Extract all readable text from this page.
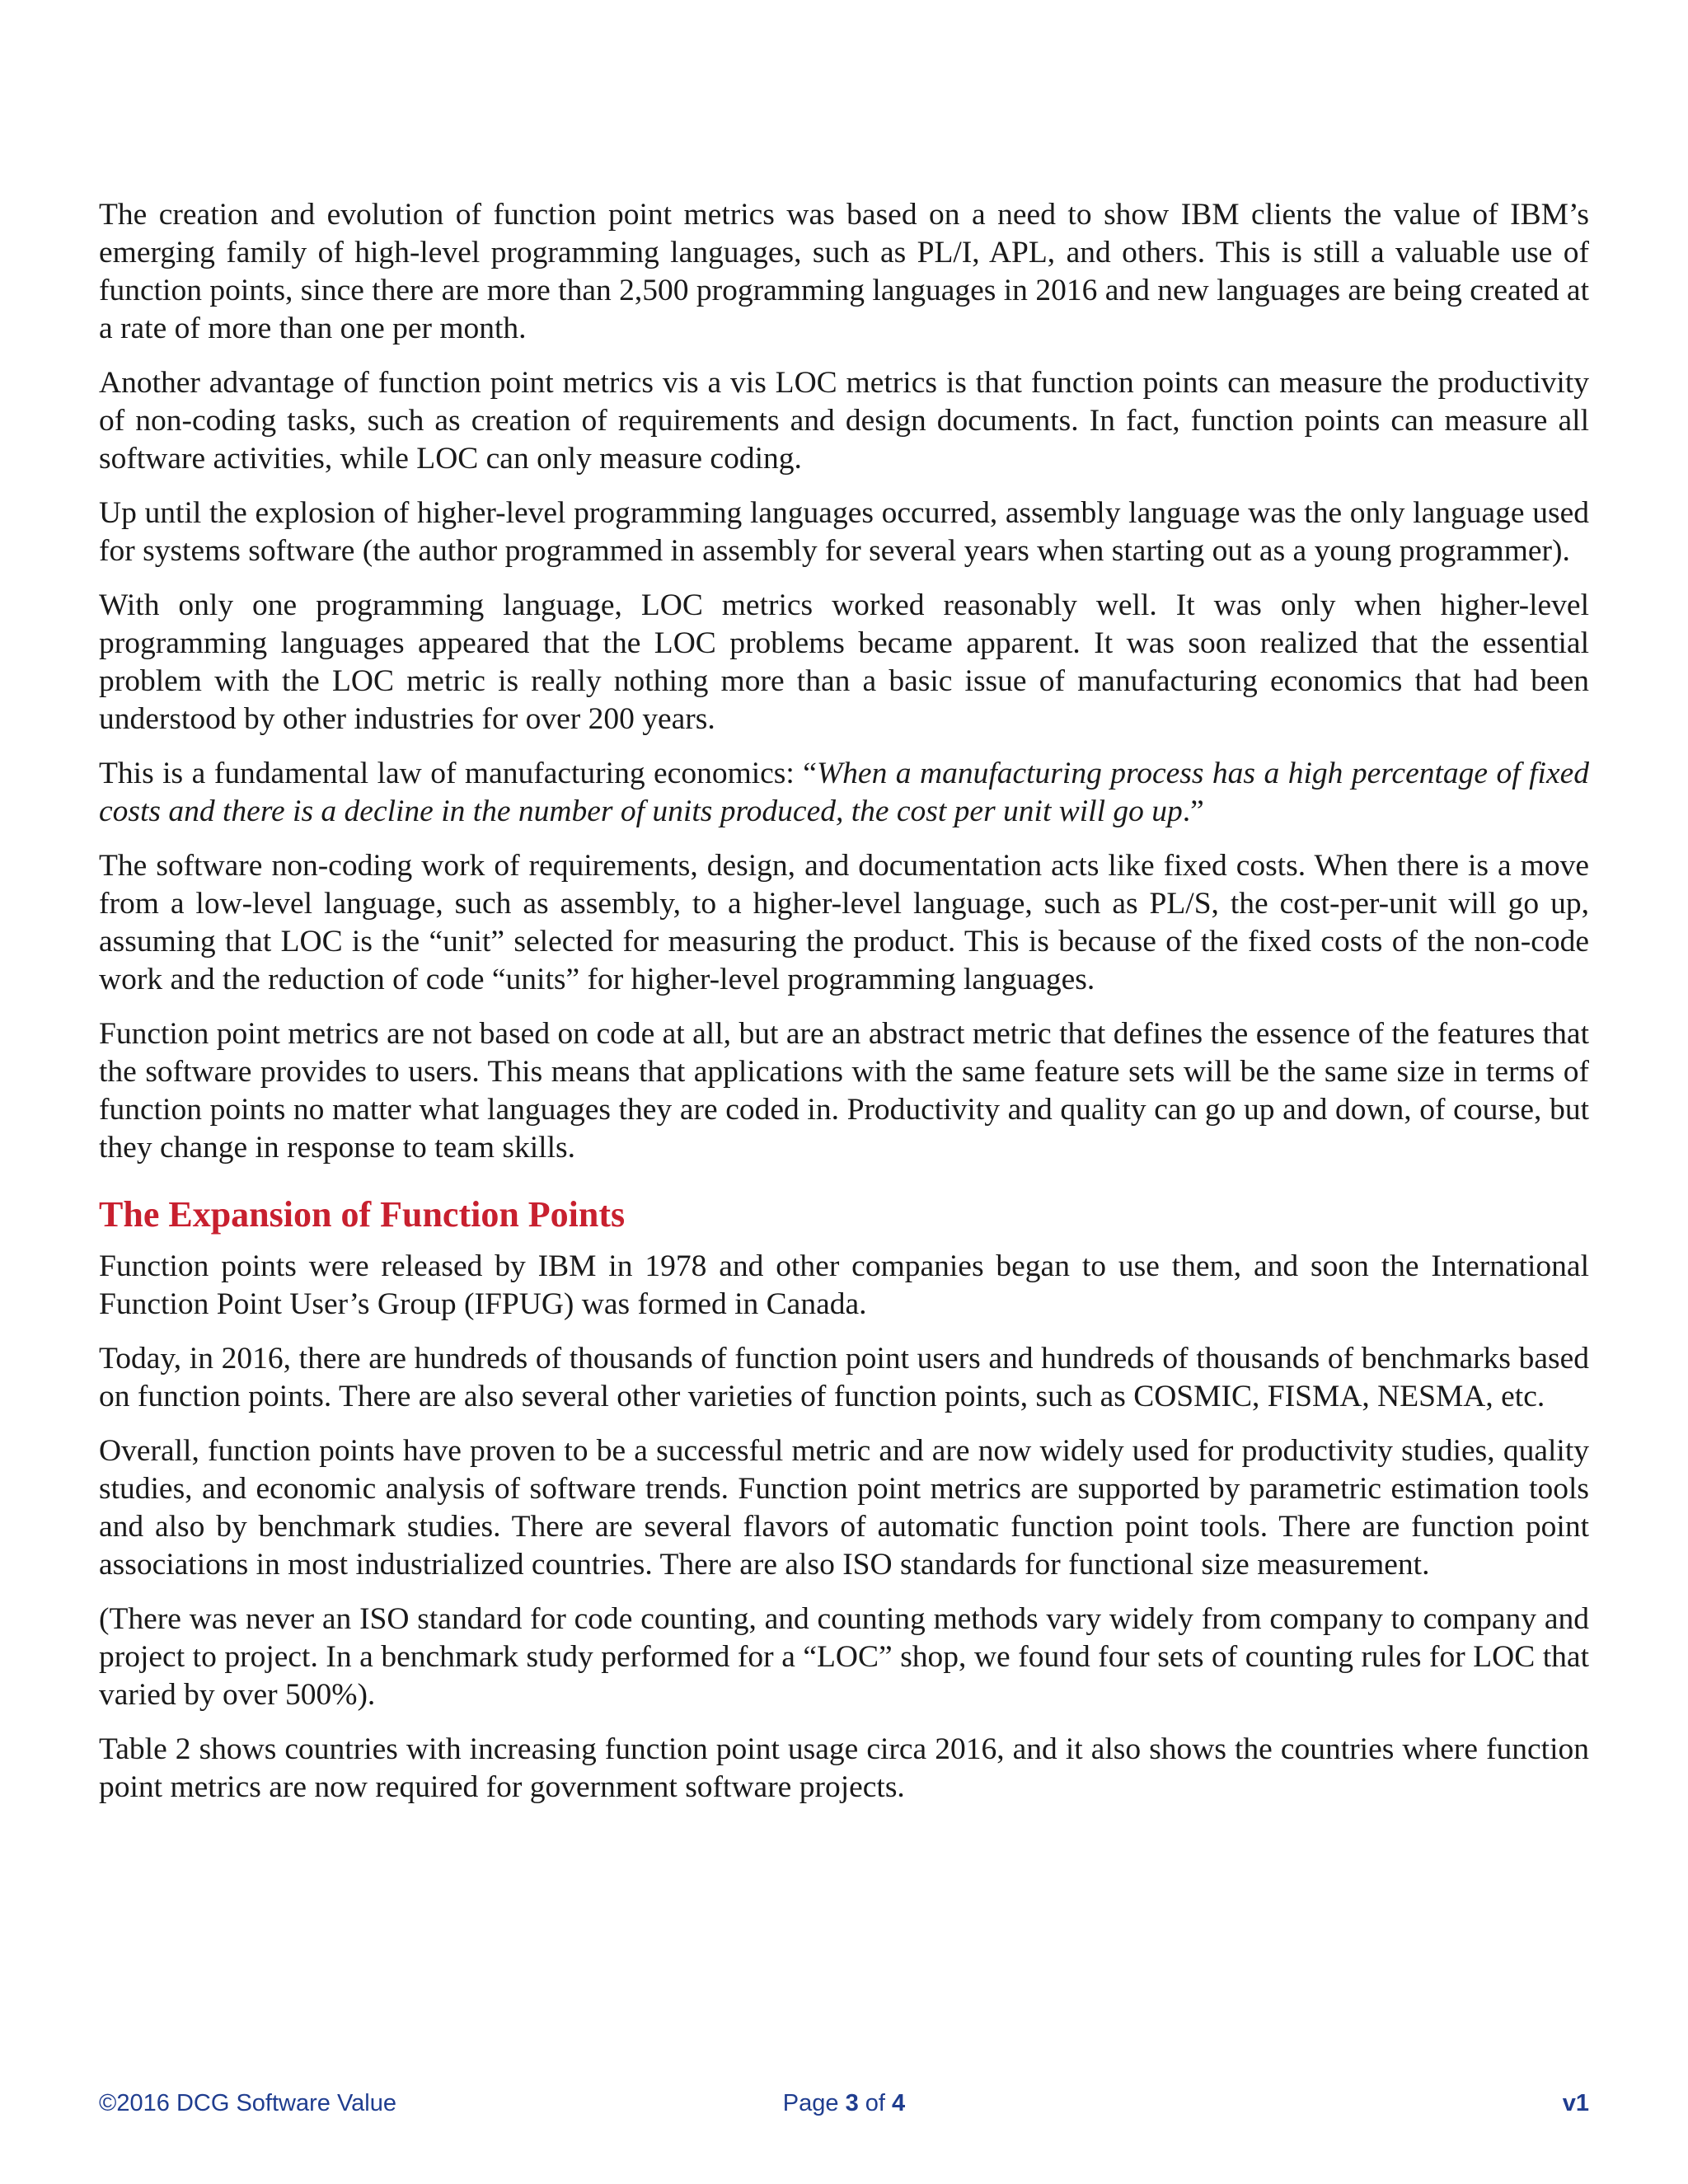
The creation and evolution of function point metrics was based on a need to show IBM clients the value of IBM’s emerging family of high-level programming languages, such as PL/I, APL, and others. This is still a valuable use of function points, since there are more than 2,500 programming languages in 2016 and new languages are being created at a rate of more than one per month.

Another advantage of function point metrics vis a vis LOC metrics is that function points can measure the productivity of non-coding tasks, such as creation of requirements and design documents. In fact, function points can measure all software activities, while LOC can only measure coding.

Up until the explosion of higher-level programming languages occurred, assembly language was the only language used for systems software (the author programmed in assembly for several years when starting out as a young programmer).

With only one programming language, LOC metrics worked reasonably well. It was only when higher-level programming languages appeared that the LOC problems became apparent. It was soon realized that the essential problem with the LOC metric is really nothing more than a basic issue of manufacturing economics that had been understood by other industries for over 200 years.

This is a fundamental law of manufacturing economics: “When a manufacturing process has a high percentage of fixed costs and there is a decline in the number of units produced, the cost per unit will go up.”

The software non-coding work of requirements, design, and documentation acts like fixed costs. When there is a move from a low-level language, such as assembly, to a higher-level language, such as PL/S, the cost-per-unit will go up, assuming that LOC is the “unit” selected for measuring the product. This is because of the fixed costs of the non-code work and the reduction of code “units” for higher-level programming languages.

Function point metrics are not based on code at all, but are an abstract metric that defines the essence of the features that the software provides to users. This means that applications with the same feature sets will be the same size in terms of function points no matter what languages they are coded in. Productivity and quality can go up and down, of course, but they change in response to team skills.

The Expansion of Function Points

Function points were released by IBM in 1978 and other companies began to use them, and soon the International Function Point User’s Group (IFPUG) was formed in Canada.

Today, in 2016, there are hundreds of thousands of function point users and hundreds of thousands of benchmarks based on function points. There are also several other varieties of function points, such as COSMIC, FISMA, NESMA, etc.

Overall, function points have proven to be a successful metric and are now widely used for productivity studies, quality studies, and economic analysis of software trends. Function point metrics are supported by parametric estimation tools and also by benchmark studies. There are several flavors of automatic function point tools. There are function point associations in most industrialized countries. There are also ISO standards for functional size measurement.

(There was never an ISO standard for code counting, and counting methods vary widely from company to company and project to project. In a benchmark study performed for a “LOC” shop, we found four sets of counting rules for LOC that varied by over 500%).

Table 2 shows countries with increasing function point usage circa 2016, and it also shows the countries where function point metrics are now required for government software projects.

©2016 DCG Software Value	Page 3 of 4	v1
